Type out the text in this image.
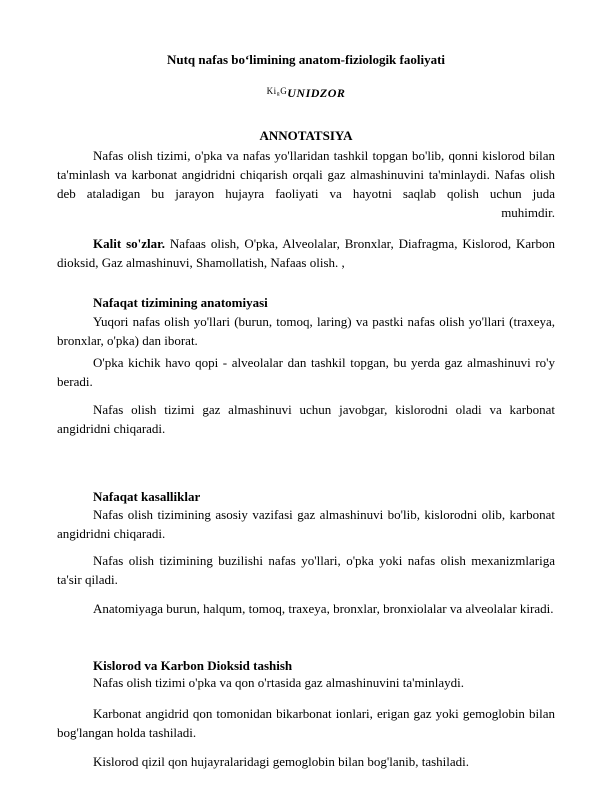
Nutq nafas bo‘limining anatom-fiziologik faoliyati
$^{Ki_8G}$UNIDZOR
ANNOTATSIYA

Nafas olish tizimi, o'pka va nafas yo'llaridan tashkil topgan bo'lib, qonni kislorod bilan ta'minlash va karbonat angidridni chiqarish orqali gaz almashinuvini ta'minlaydi. Nafas olish deb ataladigan bu jarayon hujayra faoliyati va hayotni saqlab qolish uchun juda

muhimdir.

Kalit so'zlar. Nafaas olish, O'pka, Alveolalar, Bronxlar, Diafragma, Kislorod, Karbon dioksid, Gaz almashinuvi, Shamollatish, Nafaas olish. ,

Nafaqat tizimining anatomiyasi

Yuqori nafas olish yo'llari (burun, tomoq, laring) va pastki nafas olish yo'llari (traxeya, bronxlar, o'pka) dan iborat.

O'pka kichik havo qopi - alveolalar dan tashkil topgan, bu yerda gaz almashinuvi ro'y beradi.

Nafas olish tizimi gaz almashinuvi uchun javobgar, kislorodni oladi va karbonat angidridni chiqaradi.

Nafaqat kasalliklar

Nafas olish tizimining asosiy vazifasi gaz almashinuvi bo'lib, kislorodni olib, karbonat angidridni chiqaradi.

Nafas olish tizimining buzilishi nafas yo'llari, o'pka yoki nafas olish mexanizmlariga ta'sir qiladi.

Anatomiyaga burun, halqum, tomoq, traxeya, bronxlar, bronxiolalar va alveolalar kiradi.

Kislorod va Karbon Dioksid tashish

Nafas olish tizimi o'pka va qon o'rtasida gaz almashinuvini ta'minlaydi.

Karbonat angidrid qon tomonidan bikarbonat ionlari, erigan gaz yoki gemoglobin bilan bog'langan holda tashiladi.

Kislorod qizil qon hujayralaridagi gemoglobin bilan bog'lanib, tashiladi.
